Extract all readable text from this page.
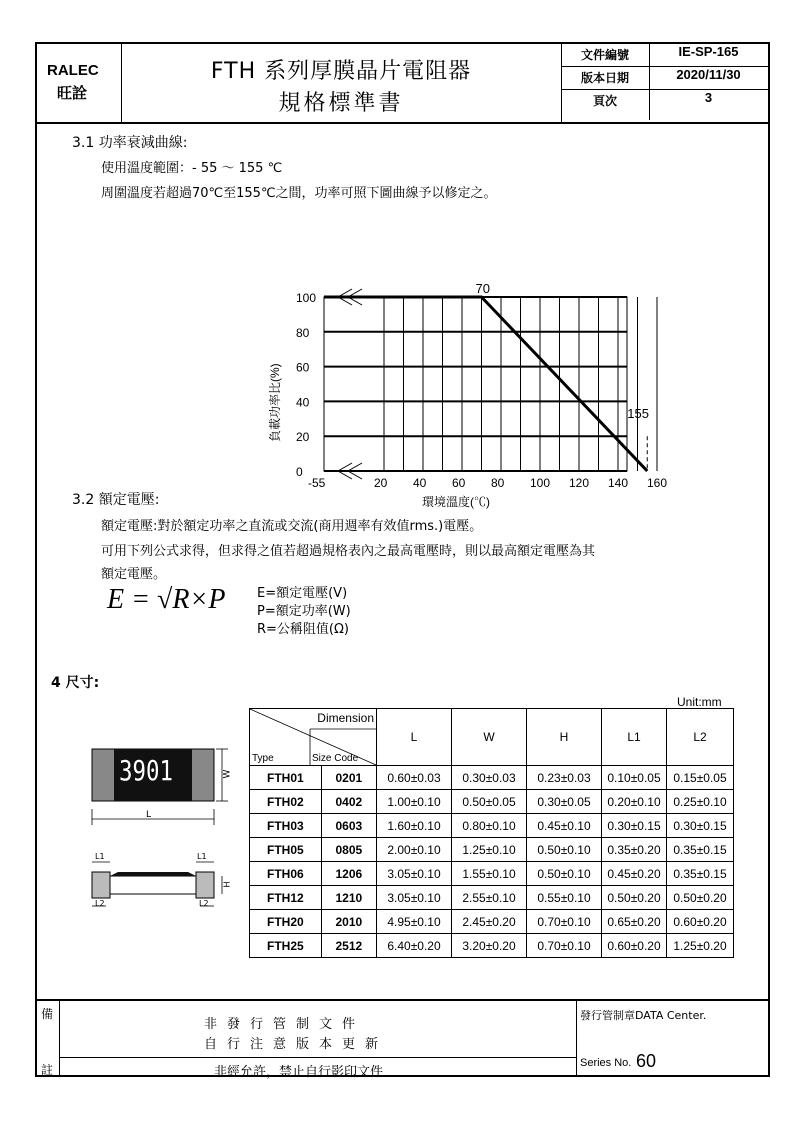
RALEC
旺詮
FTH 系列厚膜晶片電阻器
規格標準書
文件編號	IE-SP-165
版本日期	2020/11/30
頁次	3
3.1 功率衰減曲線:
使用溫度範圍：- 55 ～ 155 ℃
周圍溫度若超過70℃至155℃之間，功率可照下圖曲線予以修定之。
0
20
40
60
80
100
-55	20 40 60 80 100 120 140 160
70
155
環境溫度(℃)
負載功率比(%)
3.2 額定電壓:
額定電壓:對於額定功率之直流或交流(商用週率有效值rms.)電壓。
可用下列公式求得，但求得之值若超過規格表內之最高電壓時，則以最高額定電壓為其
額定電壓。
E = √R×P E=額定電壓(V)
P=額定功率(W)
R=公稱阻值(Ω)
4 尺寸:
Unit:mm
3901	W
L
L1	L1
L2	L2
H
Dimension
Type Size Code		L	W	H	L1	L2

FTH01	0201	0.60±0.03	0.30±0.03	0.23±0.03	0.10±0.05	0.15±0.05
FTH02	0402	1.00±0.10	0.50±0.05	0.30±0.05	0.20±0.10	0.25±0.10
FTH03	0603	1.60±0.10	0.80±0.10	0.45±0.10	0.30±0.15	0.30±0.15
FTH05	0805	2.00±0.10	1.25±0.10	0.50±0.10	0.35±0.20	0.35±0.15
FTH06	1206	3.05±0.10	1.55±0.10	0.50±0.10	0.45±0.20	0.35±0.15
FTH12	1210	3.05±0.10	2.55±0.10	0.55±0.10	0.50±0.20	0.50±0.20
FTH20	2010	4.95±0.10	2.45±0.20	0.70±0.10	0.65±0.20	0.60±0.20
FTH25	2512	6.40±0.20	3.20±0.20	0.70±0.10	0.60±0.20	1.25±0.20
備
註
非發行管制文件
自行注意版本更新
非經允許，禁止自行影印文件
發行管制章DATA Center.
Series No. 60
